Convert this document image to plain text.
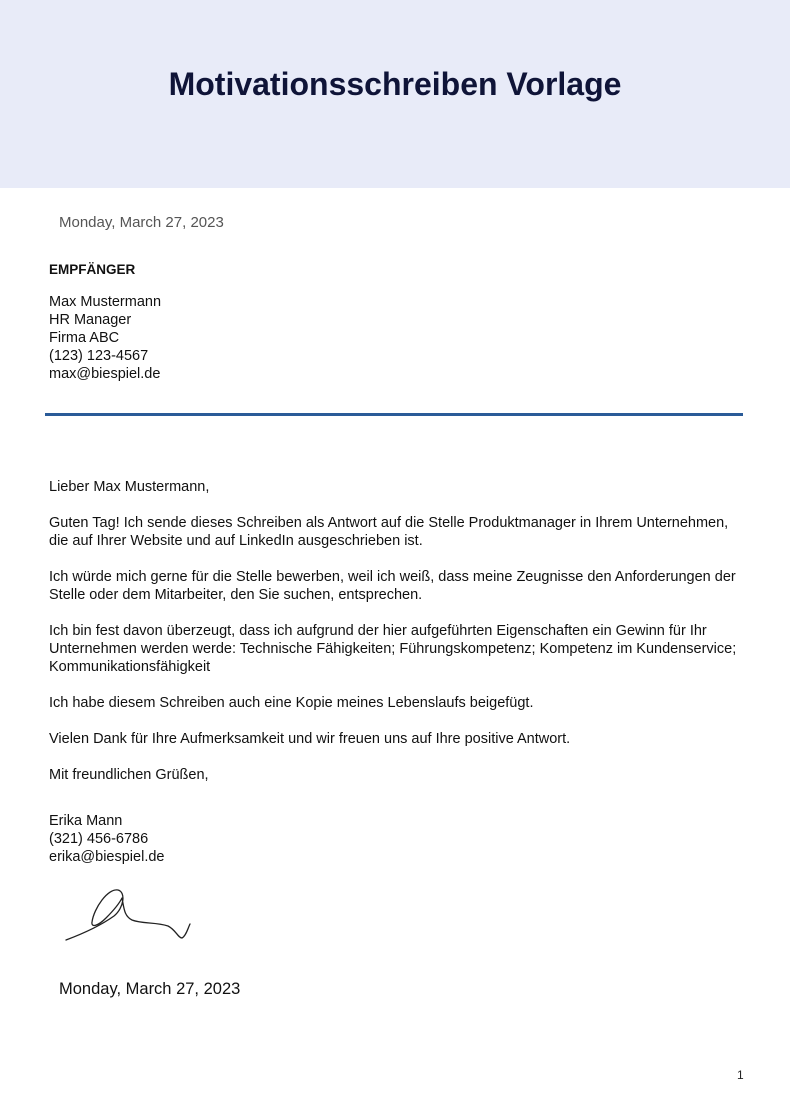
Motivationsschreiben Vorlage
Monday, March 27, 2023
EMPFÄNGER
Max Mustermann
HR Manager
Firma ABC
(123) 123-4567
max@biespiel.de

Lieber Max Mustermann,

Guten Tag! Ich sende dieses Schreiben als Antwort auf die Stelle Produktmanager in Ihrem Unternehmen, die auf Ihrer Website und auf LinkedIn ausgeschrieben ist.

Ich würde mich gerne für die Stelle bewerben, weil ich weiß, dass meine Zeugnisse den Anforderungen der Stelle oder dem Mitarbeiter, den Sie suchen, entsprechen.

Ich bin fest davon überzeugt, dass ich aufgrund der hier aufgeführten Eigenschaften ein Gewinn für Ihr Unternehmen werden werde: Technische Fähigkeiten; Führungskompetenz; Kompetenz im Kundenservice; Kommunikationsfähigkeit

Ich habe diesem Schreiben auch eine Kopie meines Lebenslaufs beigefügt.

Vielen Dank für Ihre Aufmerksamkeit und wir freuen uns auf Ihre positive Antwort.

Mit freundlichen Grüßen,

Erika Mann
(321) 456-6786
erika@biespiel.de
Monday, March 27, 2023
1
